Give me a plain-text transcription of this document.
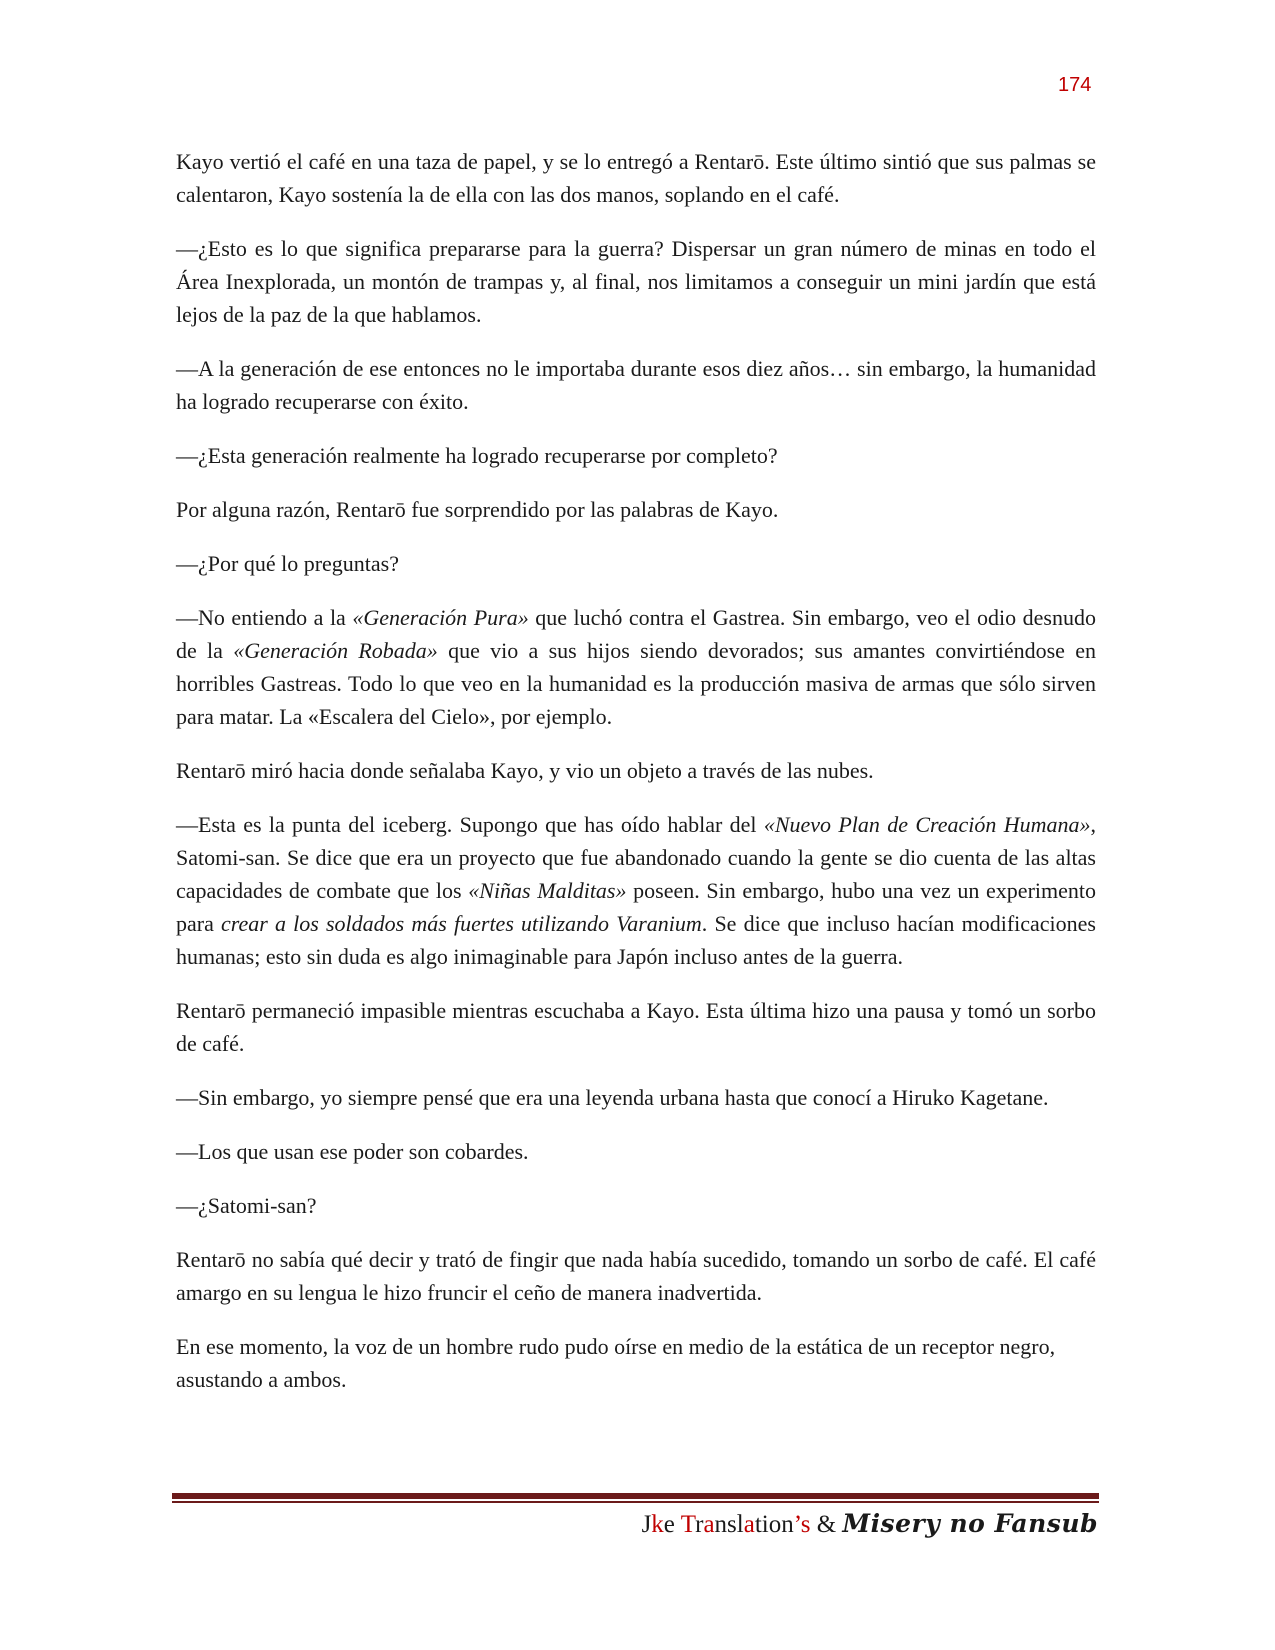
174

Kayo vertió el café en una taza de papel, y se lo entregó a Rentarō. Este último sintió que sus palmas se calentaron, Kayo sostenía la de ella con las dos manos, soplando en el café.

—¿Esto es lo que significa prepararse para la guerra? Dispersar un gran número de minas en todo el Área Inexplorada, un montón de trampas y, al final, nos limitamos a conseguir un mini jardín que está lejos de la paz de la que hablamos.

—A la generación de ese entonces no le importaba durante esos diez años… sin embargo, la humanidad ha logrado recuperarse con éxito.

—¿Esta generación realmente ha logrado recuperarse por completo?

Por alguna razón, Rentarō fue sorprendido por las palabras de Kayo.

—¿Por qué lo preguntas?

—No entiendo a la «Generación Pura» que luchó contra el Gastrea. Sin embargo, veo el odio desnudo de la «Generación Robada» que vio a sus hijos siendo devorados; sus amantes convirtiéndose en horribles Gastreas. Todo lo que veo en la humanidad es la producción masiva de armas que sólo sirven para matar. La «Escalera del Cielo», por ejemplo.

Rentarō miró hacia donde señalaba Kayo, y vio un objeto a través de las nubes.

—Esta es la punta del iceberg. Supongo que has oído hablar del «Nuevo Plan de Creación Humana», Satomi-san. Se dice que era un proyecto que fue abandonado cuando la gente se dio cuenta de las altas capacidades de combate que los «Niñas Malditas» poseen. Sin embargo, hubo una vez un experimento para crear a los soldados más fuertes utilizando Varanium. Se dice que incluso hacían modificaciones humanas; esto sin duda es algo inimaginable para Japón incluso antes de la guerra.

Rentarō permaneció impasible mientras escuchaba a Kayo. Esta última hizo una pausa y tomó un sorbo de café.

—Sin embargo, yo siempre pensé que era una leyenda urbana hasta que conocí a Hiruko Kagetane.

—Los que usan ese poder son cobardes.

—¿Satomi-san?

Rentarō no sabía qué decir y trató de fingir que nada había sucedido, tomando un sorbo de café. El café amargo en su lengua le hizo fruncir el ceño de manera inadvertida.

En ese momento, la voz de un hombre rudo pudo oírse en medio de la estática de un receptor negro, asustando a ambos.

Jke Translation’s & Misery no Fansub
